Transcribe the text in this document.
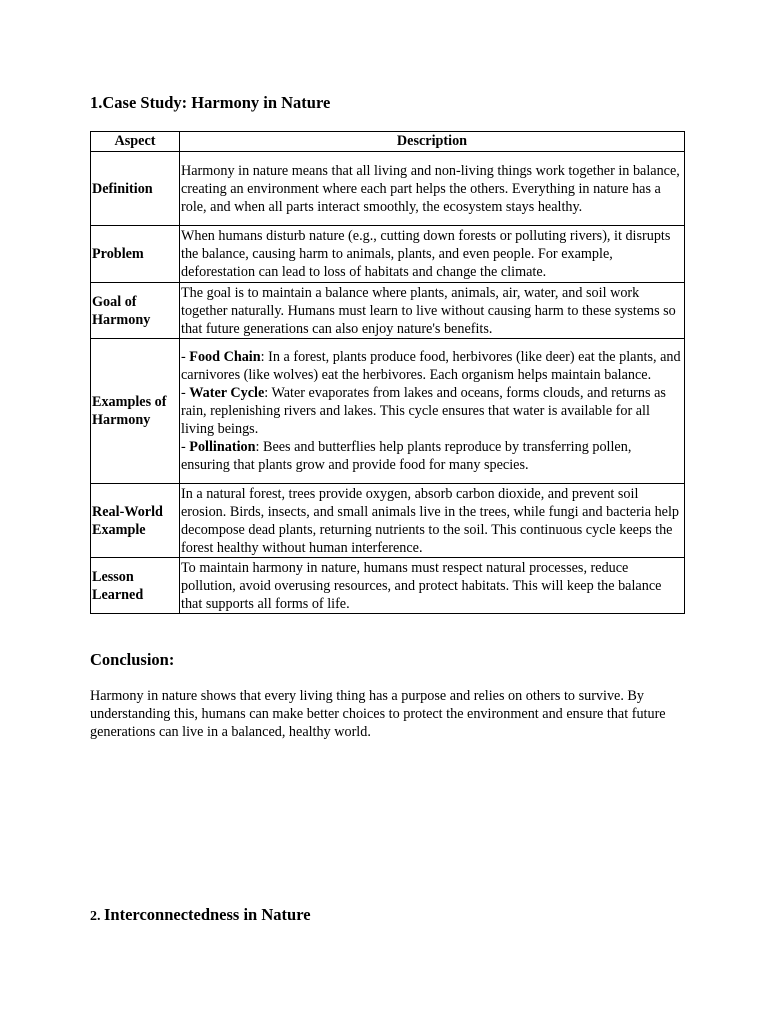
1.Case Study: Harmony in Nature
Aspect	Description
Definition	Harmony in nature means that all living and non-living things work together in balance, creating an environment where each part helps the others. Everything in nature has a role, and when all parts interact smoothly, the ecosystem stays healthy.
Problem	When humans disturb nature (e.g., cutting down forests or polluting rivers), it disrupts the balance, causing harm to animals, plants, and even people. For example, deforestation can lead to loss of habitats and change the climate.
Goal of Harmony	The goal is to maintain a balance where plants, animals, air, water, and soil work together naturally. Humans must learn to live without causing harm to these systems so that future generations can also enjoy nature's benefits.
Examples of Harmony	- Food Chain: In a forest, plants produce food, herbivores (like deer) eat the plants, and carnivores (like wolves) eat the herbivores. Each organism helps maintain balance.
- Water Cycle: Water evaporates from lakes and oceans, forms clouds, and returns as rain, replenishing rivers and lakes. This cycle ensures that water is available for all living beings.
- Pollination: Bees and butterflies help plants reproduce by transferring pollen, ensuring that plants grow and provide food for many species.

Real-World Example	In a natural forest, trees provide oxygen, absorb carbon dioxide, and prevent soil erosion. Birds, insects, and small animals live in the trees, while fungi and bacteria help decompose dead plants, returning nutrients to the soil. This continuous cycle keeps the forest healthy without human interference.
Lesson Learned	To maintain harmony in nature, humans must respect natural processes, reduce pollution, avoid overusing resources, and protect habitats. This will keep the balance that supports all forms of life.
Conclusion:

Harmony in nature shows that every living thing has a purpose and relies on others to survive. By understanding this, humans can make better choices to protect the environment and ensure that future generations can live in a balanced, healthy world.

2. Interconnectedness in Nature
